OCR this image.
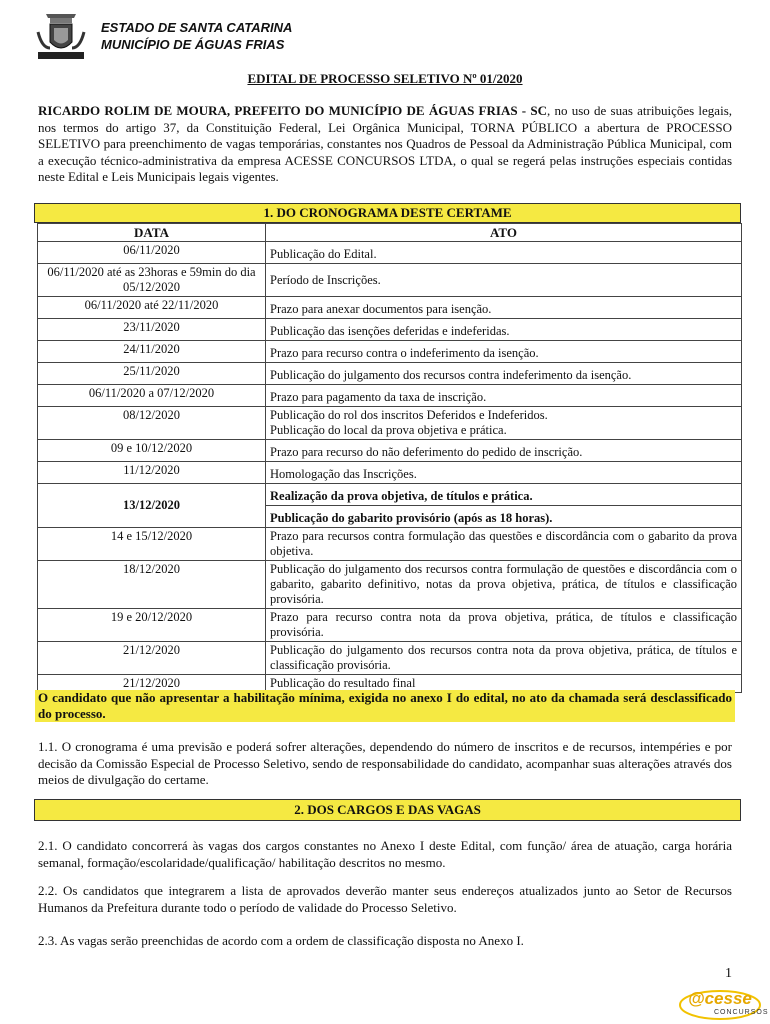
ESTADO DE SANTA CATARINA
MUNICÍPIO DE ÁGUAS FRIAS
EDITAL DE PROCESSO SELETIVO Nº 01/2020
RICARDO ROLIM DE MOURA, PREFEITO DO MUNICÍPIO DE ÁGUAS FRIAS - SC, no uso de suas atribuições legais, nos termos do artigo 37, da Constituição Federal, Lei Orgânica Municipal, TORNA PÚBLICO a abertura de PROCESSO SELETIVO para preenchimento de vagas temporárias, constantes nos Quadros de Pessoal da Administração Pública Municipal, com a execução técnico-administrativa da empresa ACESSE CONCURSOS LTDA, o qual se regerá pelas instruções especiais contidas neste Edital e Leis Municipais legais vigentes.
1. DO CRONOGRAMA DESTE CERTAME
DATA	ATO
06/11/2020	Publicação do Edital.
06/11/2020 até as 23horas e 59min do dia 05/12/2020	Período de Inscrições.
06/11/2020 até 22/11/2020	Prazo para anexar documentos para isenção.
23/11/2020	Publicação das isenções deferidas e indeferidas.
24/11/2020	Prazo para recurso contra o indeferimento da isenção.
25/11/2020	Publicação do julgamento dos recursos contra indeferimento da isenção.
06/11/2020 a 07/12/2020	Prazo para pagamento da taxa de inscrição.
08/12/2020	Publicação do rol dos inscritos Deferidos e Indeferidos.
Publicação do local da prova objetiva e prática.

09 e 10/12/2020	Prazo para recurso do não deferimento do pedido de inscrição.
11/12/2020	Homologação das Inscrições.
13/12/2020	Realização da prova objetiva, de títulos e prática.
	Publicação do gabarito provisório (após as 18 horas).
14 e 15/12/2020	Prazo para recursos contra formulação das questões e discordância com o gabarito da prova objetiva.
18/12/2020	Publicação do julgamento dos recursos contra formulação de questões e discordância com o gabarito, gabarito definitivo, notas da prova objetiva, prática, de títulos e classificação provisória.
19 e 20/12/2020	Prazo para recurso contra nota da prova objetiva, prática, de títulos e classificação provisória.
21/12/2020	Publicação do julgamento dos recursos contra nota da prova objetiva, prática, de títulos e classificação provisória.
21/12/2020	Publicação do resultado final
O candidato que não apresentar a habilitação mínima, exigida no anexo I do edital, no ato da chamada será desclassificado do processo.
1.1. O cronograma é uma previsão e poderá sofrer alterações, dependendo do número de inscritos e de recursos, intempéries e por decisão da Comissão Especial de Processo Seletivo, sendo de responsabilidade do candidato, acompanhar suas alterações através dos meios de divulgação do certame.
2. DOS CARGOS E DAS VAGAS
2.1. O candidato concorrerá às vagas dos cargos constantes no Anexo I deste Edital, com função/ área de atuação, carga horária semanal, formação/escolaridade/qualificação/ habilitação descritos no mesmo.
2.2. Os candidatos que integrarem a lista de aprovados deverão manter seus endereços atualizados junto ao Setor de Recursos Humanos da Prefeitura durante todo o período de validade do Processo Seletivo.
2.3. As vagas serão preenchidas de acordo com a ordem de classificação disposta no Anexo I.
1
@cesse
CONCURSOS
